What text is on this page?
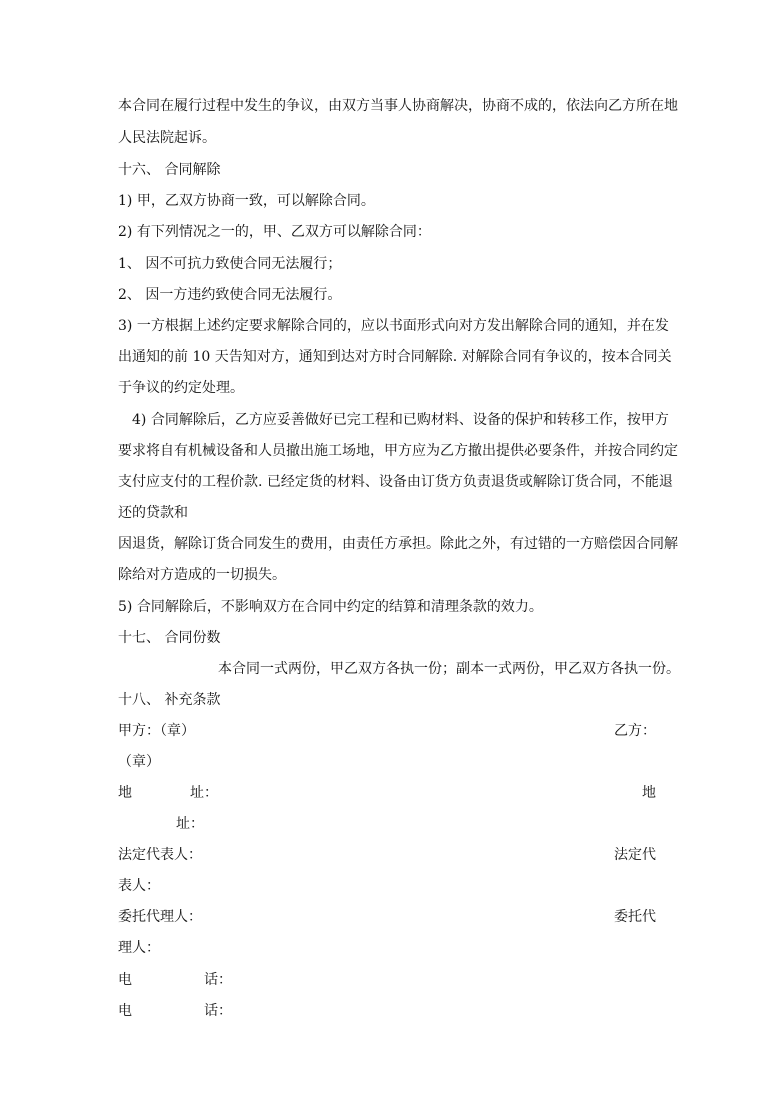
本合同在履行过程中发生的争议，由双方当事人协商解决，协商不成的，依法向乙方所在地
人民法院起诉。
十六、 合同解除
1) 甲，乙双方协商一致，可以解除合同。
2) 有下列情况之一的，甲、乙双方可以解除合同：
1、 因不可抗力致使合同无法履行；
2、 因一方违约致使合同无法履行。
3) 一方根据上述约定要求解除合同的，应以书面形式向对方发出解除合同的通知，并在发
出通知的前 10 天告知对方，通知到达对方时合同解除. 对解除合同有争议的，按本合同关
于争议的约定处理。
4) 合同解除后，乙方应妥善做好已完工程和已购材料、设备的保护和转移工作，按甲方
要求将自有机械设备和人员撤出施工场地，甲方应为乙方撤出提供必要条件，并按合同约定
支付应支付的工程价款. 已经定货的材料、设备由订货方负责退货或解除订货合同，不能退
还的贷款和
因退货，解除订货合同发生的费用，由责任方承担。除此之外，有过错的一方赔偿因合同解
除给对方造成的一切损失。
5) 合同解除后，不影响双方在合同中约定的结算和清理条款的效力。
十七、 合同份数
本合同一式两份，甲乙双方各执一份；副本一式两份，甲乙双方各执一份。
十八、 补充条款
甲方：（章）	乙方：
（章）
地	址：	地
址：
法定代表人：	法定代
表人：
委托代理人：	委托代
理人：
电	话：
电	话：
